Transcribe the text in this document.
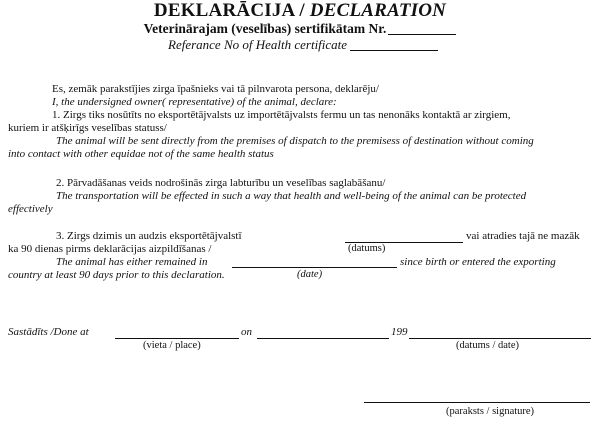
DEKLARĀCIJA / DECLARATION
Veterinārajam (veselības) sertifikātam Nr.
Referance No of Health certificate
Es, zemāk parakstījies zirga īpašnieks vai tā pilnvarota persona, deklarēju/
I, the undersigned owner( representative) of the animal, declare:
1. Zirgs tiks nosūtīts no eksportētājvalsts uz importētājvalsts fermu un tas nenonāks kontaktā ar zirgiem,
kuriem ir atšķirīgs veselības statuss/
The animal will be sent directly from the premises of dispatch to the premisess of destination without coming
into contact with other equidae not of the same health status
2. Pārvadāšanas veids nodrošinās zirga labturību un veselības saglabāšanu/
The transportation will be effected in such a way that health and well-being of the animal can be protected
effectively
3. Zirgs dzimis un audzis eksportētājvalstī	vai atradies tajā ne mazāk
ka 90 dienas pirms deklarācijas aizpildīšanas /	(datums)
The animal has either remained in	since birth or entered the exporting
country at least 90 days prior to this declaration.	(date)
Sastādīts /Done at	on	199
(vieta / place)	(datums / date)
(paraksts / signature)
